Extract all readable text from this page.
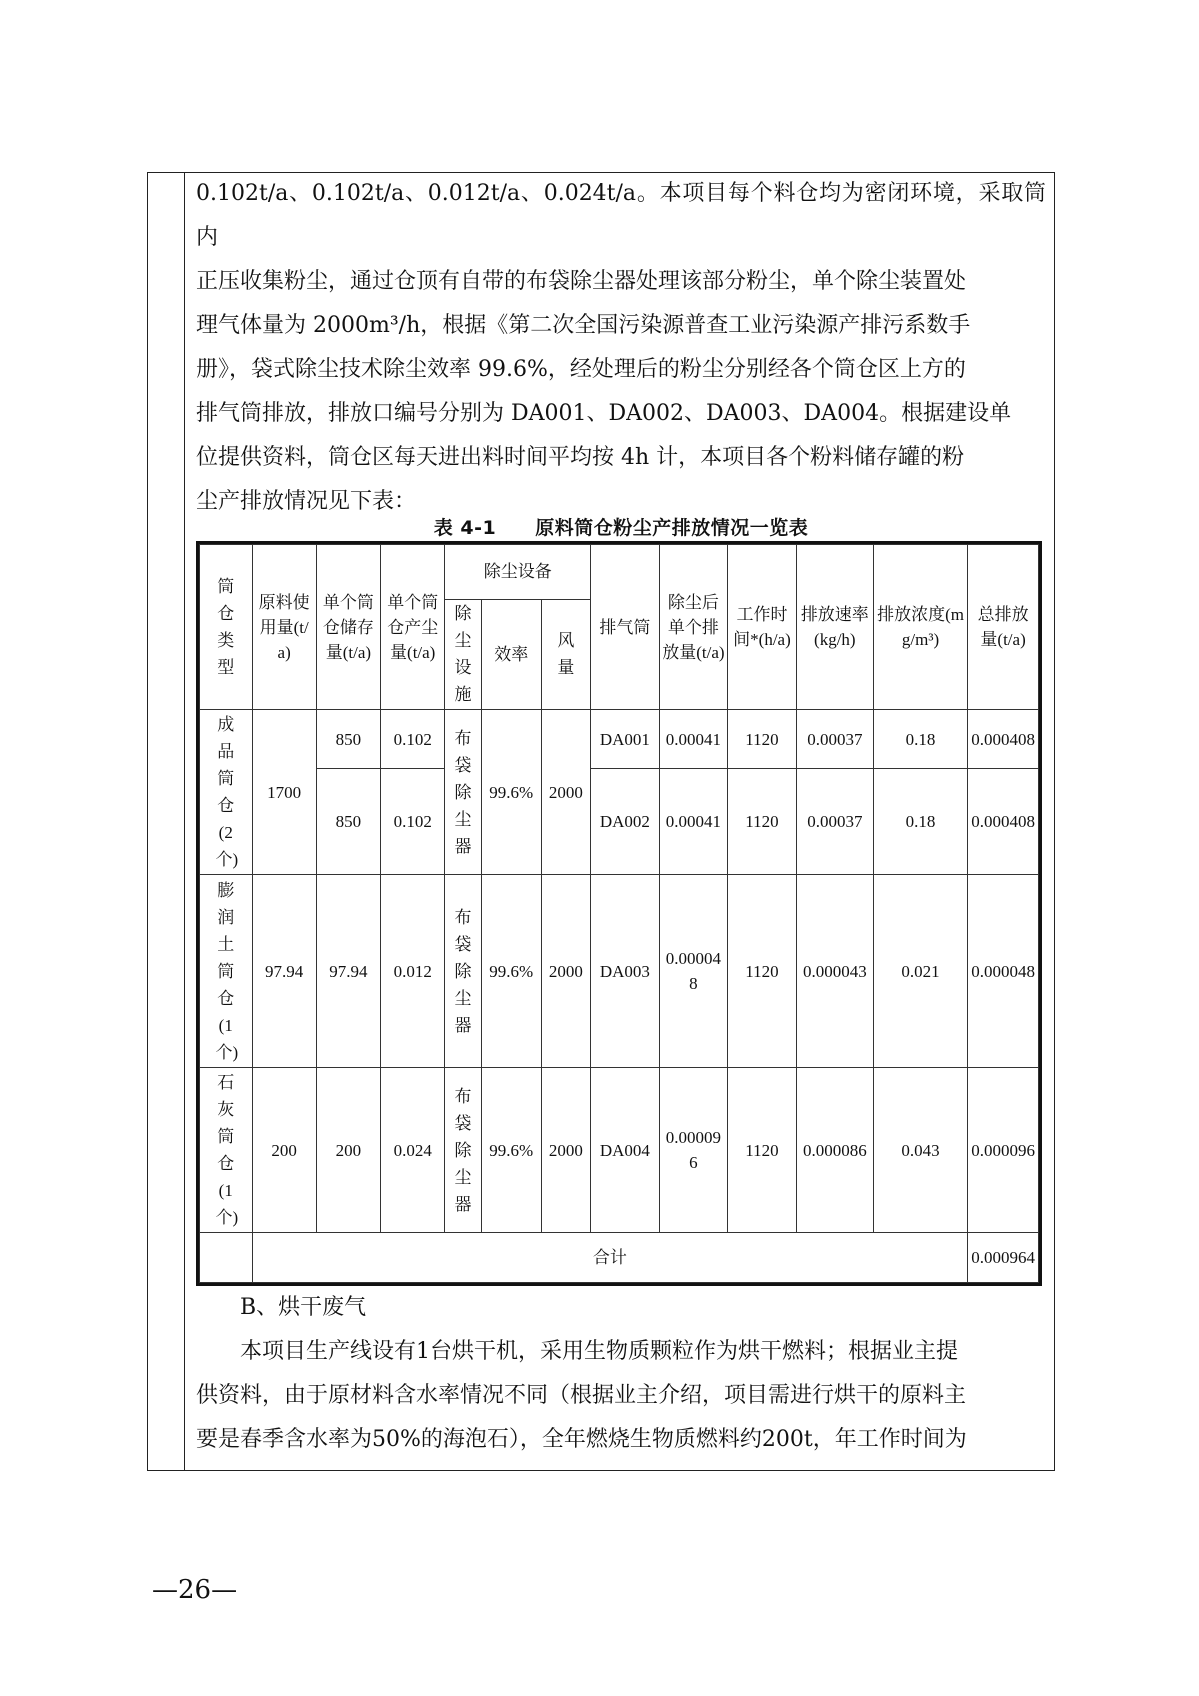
0.102t/a、0.102t/a、0.012t/a、0.024t/a。本项目每个料仓均为密闭环境，采取筒内

正压收集粉尘，通过仓顶有自带的布袋除尘器处理该部分粉尘，单个除尘装置处

理气体量为 2000m³/h，根据《第二次全国污染源普查工业污染源产排污系数手

册》，袋式除尘技术除尘效率 99.6%，经处理后的粉尘分别经各个筒仓区上方的

排气筒排放，排放口编号分别为 DA001、DA002、DA003、DA004。根据建设单

位提供资料，筒仓区每天进出料时间平均按 4h 计，本项目各个粉料储存罐的粉

尘产排放情况见下表：

表 4-1　　原料筒仓粉尘产排放情况一览表
筒仓类型	原料使用量(t/a)	单个筒仓储存量(t/a)	单个筒仓产尘量(t/a)	除尘设备			排气筒	除尘后单个排放量(t/a)	工作时间*(h/a)	排放速率(kg/h)	排放浓度(mg/m³)	总排放量(t/a)
				除尘设施	效率	风量						
成品筒仓(2个)	1700	850	0.102	布袋除尘器	99.6%	2000	DA001	0.00041	1120	0.00037	0.18	0.000408
		850	0.102				DA002	0.00041	1120	0.00037	0.18	0.000408
膨润土筒仓(1个)	97.94	97.94	0.012	布袋除尘器	99.6%	2000	DA003	0.000048	1120	0.000043	0.021	0.000048
石灰筒仓(1个)	200	200	0.024	布袋除尘器	99.6%	2000	DA004	0.000096	1120	0.000086	0.043	0.000096
	合计											0.000964

B、烘干废气

本项目生产线设有1台烘干机，采用生物质颗粒作为烘干燃料；根据业主提

供资料，由于原材料含水率情况不同（根据业主介绍，项目需进行烘干的原料主

要是春季含水率为50%的海泡石），全年燃烧生物质燃料约200t，年工作时间为

—26—
